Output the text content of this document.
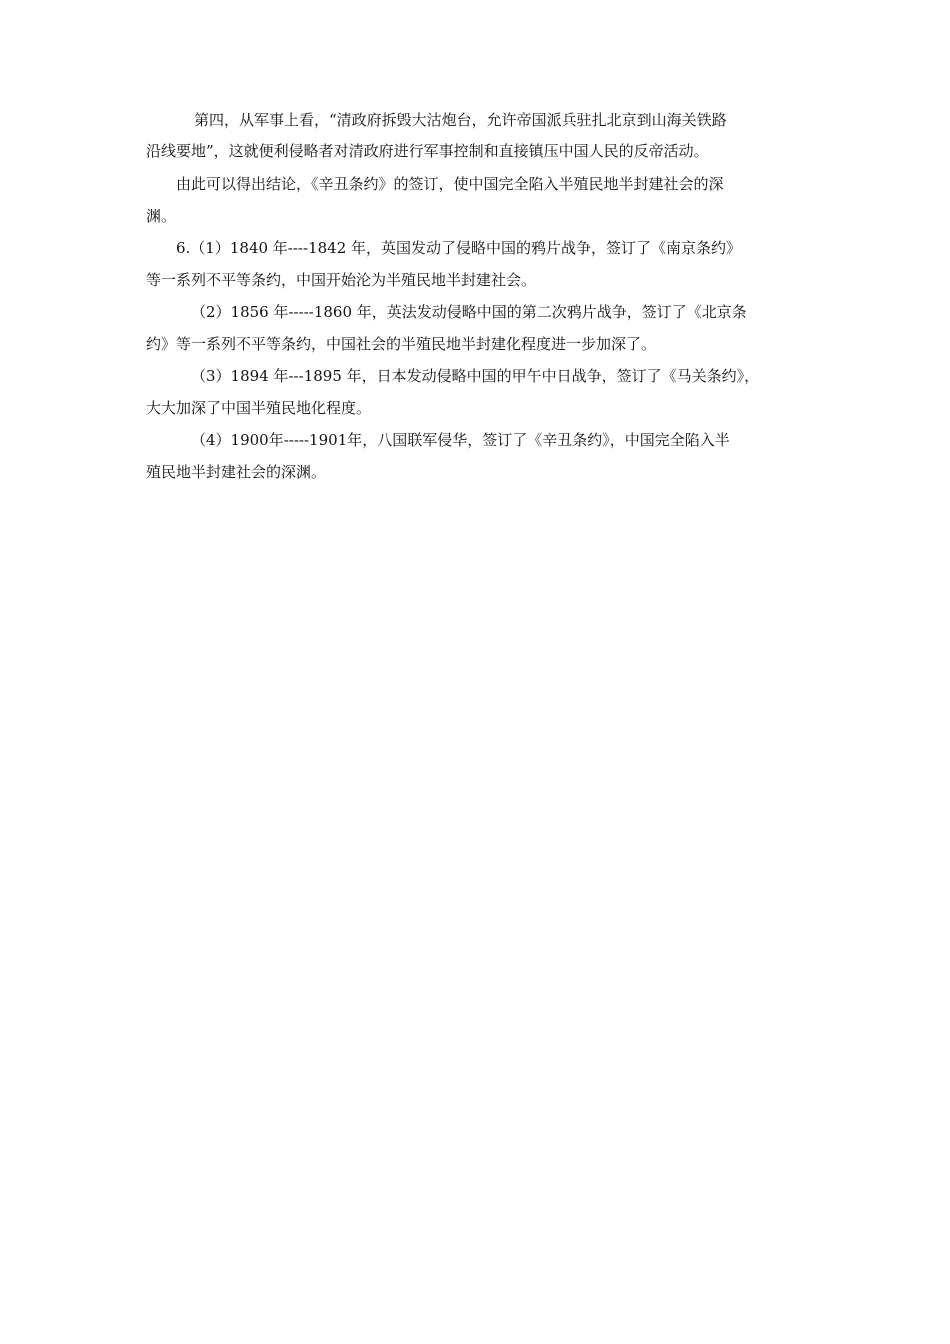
第四，从军事上看，“清政府拆毁大沽炮台，允许帝国派兵驻扎北京到山海关铁路
沿线要地”，这就便利侵略者对清政府进行军事控制和直接镇压中国人民的反帝活动。
由此可以得出结论，《辛丑条约》的签订，使中国完全陷入半殖民地半封建社会的深
渊。
6.（1）1840 年----1842 年，英国发动了侵略中国的鸦片战争，签订了《南京条约》
等一系列不平等条约，中国开始沦为半殖民地半封建社会。
（2）1856 年-----1860 年，英法发动侵略中国的第二次鸦片战争，签订了《北京条
约》等一系列不平等条约，中国社会的半殖民地半封建化程度进一步加深了。
（3）1894 年---1895 年，日本发动侵略中国的甲午中日战争，签订了《马关条约》，
大大加深了中国半殖民地化程度。
（4）1900年-----1901年，八国联军侵华，签订了《辛丑条约》，中国完全陷入半
殖民地半封建社会的深渊。
